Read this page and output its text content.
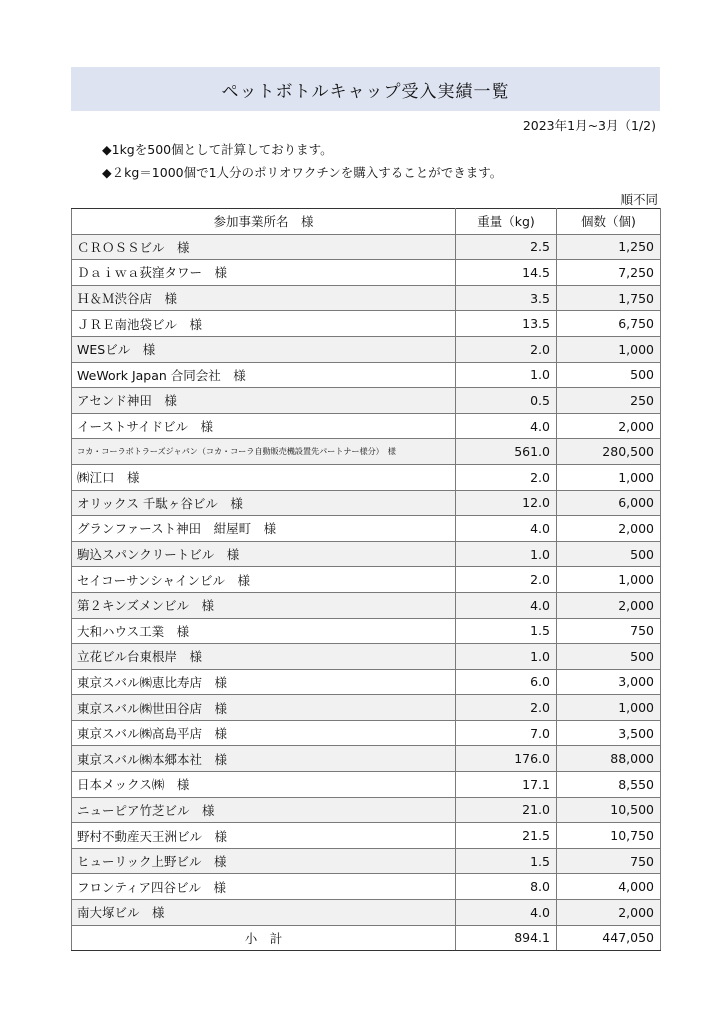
ペットボトルキャップ受入実績一覧
2023年1月~3月（1/2)
◆1kgを500個として計算しております。
◆２kg＝1000個で1人分のポリオワクチンを購入することができます。
順不同
参加事業所名　様	重量（kg)	個数（個)
ＣＲＯＳＳビル　様	2.5	1,250
Ｄａｉｗａ荻窪タワー　様	14.5	7,250
Ｈ＆Ｍ渋谷店　様	3.5	1,750
ＪＲＥ南池袋ビル　様	13.5	6,750
WESビル　様	2.0	1,000
WeWork Japan 合同会社　様	1.0	500
アセンド神田　様	0.5	250
イーストサイドビル　様	4.0	2,000
コカ・コーラボトラーズジャパン（コカ・コーラ自動販売機設置先パートナー様分）　様	561.0	280,500
㈱江口　様	2.0	1,000
オリックス 千駄ヶ谷ビル　様	12.0	6,000
グランファースト神田　紺屋町　様	4.0	2,000
駒込スパンクリートビル　様	1.0	500
セイコーサンシャインビル　様	2.0	1,000
第２キンズメンビル　様	4.0	2,000
大和ハウス工業　様	1.5	750
立花ビル台東根岸　様	1.0	500
東京スバル㈱恵比寿店　様	6.0	3,000
東京スバル㈱世田谷店　様	2.0	1,000
東京スバル㈱高島平店　様	7.0	3,500
東京スバル㈱本郷本社　様	176.0	88,000
日本メックス㈱　様	17.1	8,550
ニューピア竹芝ビル　様	21.0	10,500
野村不動産天王洲ビル　様	21.5	10,750
ヒューリック上野ビル　様	1.5	750
フロンティア四谷ビル　様	8.0	4,000
南大塚ビル　様	4.0	2,000
小　計	894.1	447,050
